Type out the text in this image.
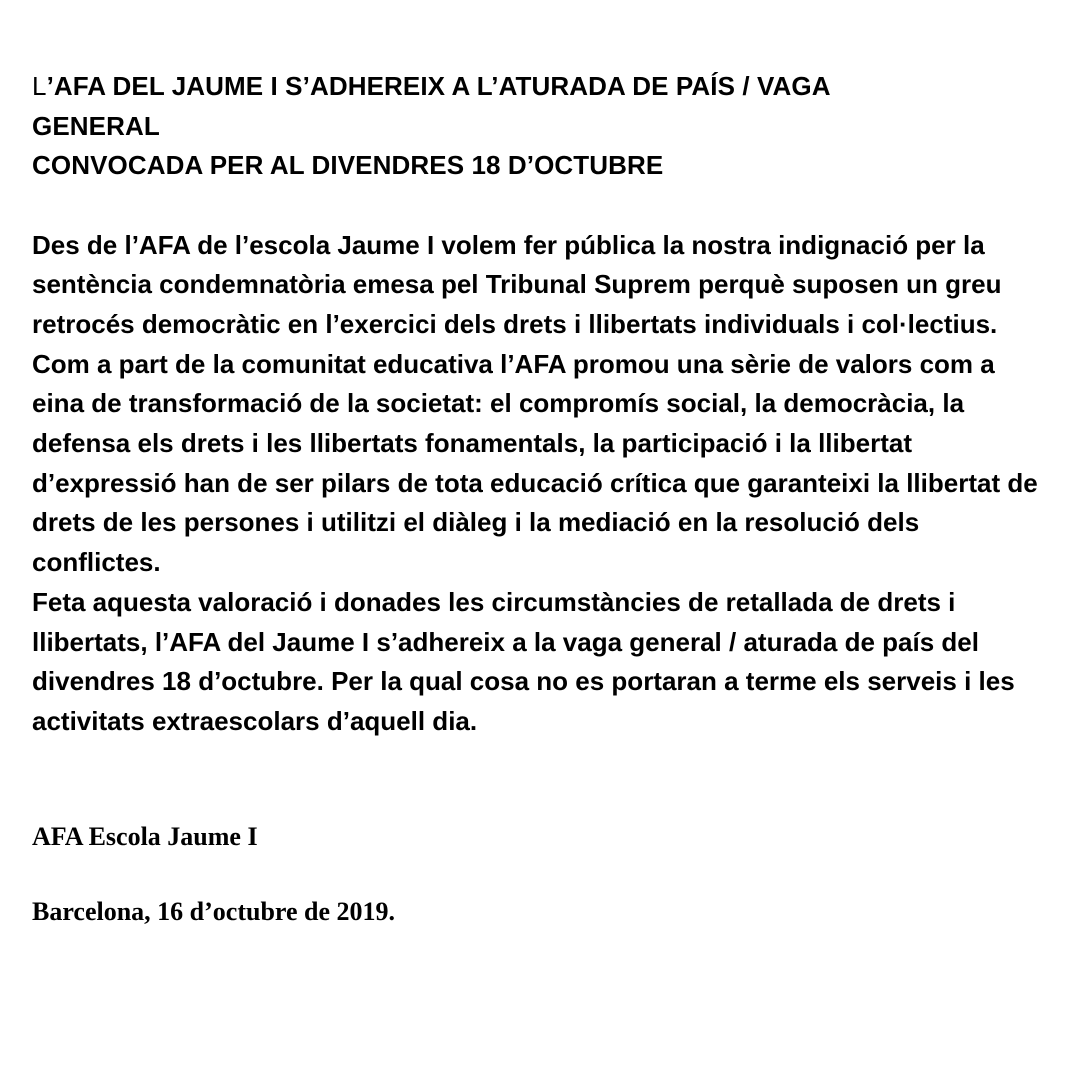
L’AFA DEL JAUME I S’ADHEREIX A L’ATURADA DE PAÍS / VAGA
GENERAL
CONVOCADA PER AL DIVENDRES 18 D’OCTUBRE

Des de l’AFA de l’escola Jaume I volem fer pública la nostra indignació per la sentència condemnatòria emesa pel Tribunal Suprem perquè suposen un greu retrocés democràtic en l’exercici dels drets i llibertats individuals i col·lectius.

Com a part de la comunitat educativa l’AFA promou una sèrie de valors com a eina de transformació de la societat: el compromís social, la democràcia, la defensa els drets i les llibertats fonamentals, la participació i la llibertat d’expressió han de ser pilars de tota educació crítica que garanteixi la llibertat de drets de les persones i utilitzi el diàleg i la mediació en la resolució dels conflictes.

Feta aquesta valoració i donades les circumstàncies de retallada de drets i llibertats, l’AFA del Jaume I s’adhereix a la vaga general / aturada de país del divendres 18 d’octubre. Per la qual cosa no es portaran a terme els serveis i les activitats extraescolars d’aquell dia.

AFA Escola Jaume I

Barcelona, 16 d’octubre de 2019.
